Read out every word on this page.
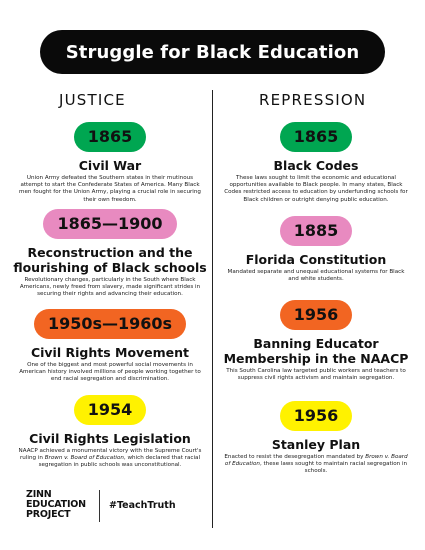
Struggle for Black Education
JUSTICE	REPRESSION
1865
Civil War
Union Army defeated the Southern states in their mutinous attempt to start the Confederate States of America. Many Black men fought for the Union Army, playing a crucial role in securing their own freedom.
1865—1900
Reconstruction and the flourishing of Black schools
Revolutionary changes, particularly in the South where Black Americans, newly freed from slavery, made significant strides in securing their rights and advancing their education.
1950s—1960s
Civil Rights Movement
One of the biggest and most powerful social movements in American history involved millions of people working together to end racial segregation and discrimination.
1954
Civil Rights Legislation
NAACP achieved a monumental victory with the Supreme Court's ruling in Brown v. Board of Education, which declared that racial segregation in public schools was unconstitutional.
1865
Black Codes
These laws sought to limit the economic and educational opportunities available to Black people. In many states, Black Codes restricted access to education by underfunding schools for Black children or outright denying public education.
1885
Florida Constitution
Mandated separate and unequal educational systems for Black and white students.
1956
Banning Educator Membership in the NAACP
This South Carolina law targeted public workers and teachers to suppress civil rights activism and maintain segregation.
1956
Stanley Plan
Enacted to resist the desegregation mandated by Brown v. Board of Education, these laws sought to maintain racial segregation in schools.
ZINN
EDUCATION
PROJECT
#TeachTruth
